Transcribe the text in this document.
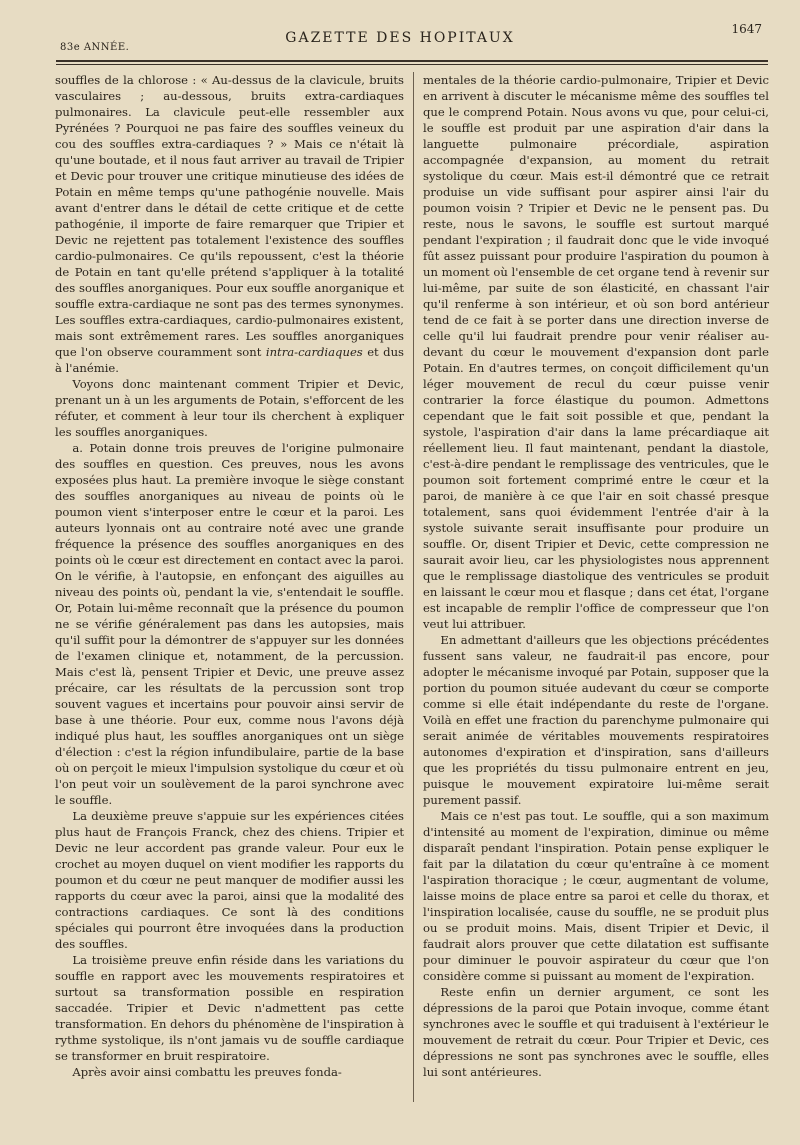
83e ANNÉE.
GAZETTE DES HOPITAUX
1647

souffles de la chlorose : « Au-dessus de la clavicule, bruits vasculaires ; au-dessous, bruits extra-cardiaques pulmonaires. La clavicule peut-elle ressembler aux Pyrénées ? Pourquoi ne pas faire des souffles veineux du cou des souffles extra-cardiaques ? » Mais ce n'était là qu'une boutade, et il nous faut arriver au travail de Tripier et Devic pour trouver une critique minutieuse des idées de Potain en même temps qu'une pathogénie nouvelle. Mais avant d'entrer dans le détail de cette critique et de cette pathogénie, il importe de faire remarquer que Tripier et Devic ne rejettent pas totalement l'existence des souffles cardio-pulmonaires. Ce qu'ils repoussent, c'est la théorie de Potain en tant qu'elle prétend s'appliquer à la totalité des souffles anorganiques. Pour eux souffle anorganique et souffle extra-cardiaque ne sont pas des termes synonymes. Les souffles extra-cardiaques, cardio-pulmonaires existent, mais sont extrêmement rares. Les souffles anorganiques que l'on observe couramment sont intra-cardiaques et dus à l'anémie.

Voyons donc maintenant comment Tripier et Devic, prenant un à un les arguments de Potain, s'efforcent de les réfuter, et comment à leur tour ils cherchent à expliquer les souffles anorganiques.

a. Potain donne trois preuves de l'origine pulmonaire des souffles en question. Ces preuves, nous les avons exposées plus haut. La première invoque le siège constant des souffles anorganiques au niveau de points où le poumon vient s'interposer entre le cœur et la paroi. Les auteurs lyonnais ont au contraire noté avec une grande fréquence la présence des souffles anorganiques en des points où le cœur est directement en contact avec la paroi. On le vérifie, à l'autopsie, en enfonçant des aiguilles au niveau des points où, pendant la vie, s'entendait le souffle. Or, Potain lui-même reconnaît que la présence du poumon ne se vérifie généralement pas dans les autopsies, mais qu'il suffit pour la démontrer de s'appuyer sur les données de l'examen clinique et, notamment, de la percussion. Mais c'est là, pensent Tripier et Devic, une preuve assez précaire, car les résultats de la percussion sont trop souvent vagues et incertains pour pouvoir ainsi servir de base à une théorie. Pour eux, comme nous l'avons déjà indiqué plus haut, les souffles anorganiques ont un siège d'élection : c'est la région infundibulaire, partie de la base où on perçoit le mieux l'impulsion systolique du cœur et où l'on peut voir un soulèvement de la paroi synchrone avec le souffle.

La deuxième preuve s'appuie sur les expériences citées plus haut de François Franck, chez des chiens. Tripier et Devic ne leur accordent pas grande valeur. Pour eux le crochet au moyen duquel on vient modifier les rapports du poumon et du cœur ne peut manquer de modifier aussi les rapports du cœur avec la paroi, ainsi que la modalité des contractions cardiaques. Ce sont là des conditions spéciales qui pourront être invoquées dans la production des souffles.

La troisième preuve enfin réside dans les variations du souffle en rapport avec les mouvements respiratoires et surtout sa transformation possible en respiration saccadée. Tripier et Devic n'admettent pas cette transformation. En dehors du phénomène de l'inspiration à rythme systolique, ils n'ont jamais vu de souffle cardiaque se transformer en bruit respiratoire.

Après avoir ainsi combattu les preuves fonda-

mentales de la théorie cardio-pulmonaire, Tripier et Devic en arrivent à discuter le mécanisme même des souffles tel que le comprend Potain. Nous avons vu que, pour celui-ci, le souffle est produit par une aspiration d'air dans la languette pulmonaire précordiale, aspiration accompagnée d'expansion, au moment du retrait systolique du cœur. Mais est-il démontré que ce retrait produise un vide suffisant pour aspirer ainsi l'air du poumon voisin ? Tripier et Devic ne le pensent pas. Du reste, nous le savons, le souffle est surtout marqué pendant l'expiration ; il faudrait donc que le vide invoqué fût assez puissant pour produire l'aspiration du poumon à un moment où l'ensemble de cet organe tend à revenir sur lui-même, par suite de son élasticité, en chassant l'air qu'il renferme à son intérieur, et où son bord antérieur tend de ce fait à se porter dans une direction inverse de celle qu'il lui faudrait prendre pour venir réaliser au-devant du cœur le mouvement d'expansion dont parle Potain. En d'autres termes, on conçoit difficilement qu'un léger mouvement de recul du cœur puisse venir contrarier la force élastique du poumon. Admettons cependant que le fait soit possible et que, pendant la systole, l'aspiration d'air dans la lame précardiaque ait réellement lieu. Il faut maintenant, pendant la diastole, c'est-à-dire pendant le remplissage des ventricules, que le poumon soit fortement comprimé entre le cœur et la paroi, de manière à ce que l'air en soit chassé presque totalement, sans quoi évidemment l'entrée d'air à la systole suivante serait insuffisante pour produire un souffle. Or, disent Tripier et Devic, cette compression ne saurait avoir lieu, car les physiologistes nous apprennent que le remplissage diastolique des ventricules se produit en laissant le cœur mou et flasque ; dans cet état, l'organe est incapable de remplir l'office de compresseur que l'on veut lui attribuer.

En admettant d'ailleurs que les objections précédentes fussent sans valeur, ne faudrait-il pas encore, pour adopter le mécanisme invoqué par Potain, supposer que la portion du poumon située audevant du cœur se comporte comme si elle était indépendante du reste de l'organe. Voilà en effet une fraction du parenchyme pulmonaire qui serait animée de véritables mouvements respiratoires autonomes d'expiration et d'inspiration, sans d'ailleurs que les propriétés du tissu pulmonaire entrent en jeu, puisque le mouvement expiratoire lui-même serait purement passif.

Mais ce n'est pas tout. Le souffle, qui a son maximum d'intensité au moment de l'expiration, diminue ou même disparaît pendant l'inspiration. Potain pense expliquer le fait par la dilatation du cœur qu'entraîne à ce moment l'aspiration thoracique ; le cœur, augmentant de volume, laisse moins de place entre sa paroi et celle du thorax, et l'inspiration localisée, cause du souffle, ne se produit plus ou se produit moins. Mais, disent Tripier et Devic, il faudrait alors prouver que cette dilatation est suffisante pour diminuer le pouvoir aspirateur du cœur que l'on considère comme si puissant au moment de l'expiration.

Reste enfin un dernier argument, ce sont les dépressions de la paroi que Potain invoque, comme étant synchrones avec le souffle et qui traduisent à l'extérieur le mouvement de retrait du cœur. Pour Tripier et Devic, ces dépressions ne sont pas synchrones avec le souffle, elles lui sont antérieures.
